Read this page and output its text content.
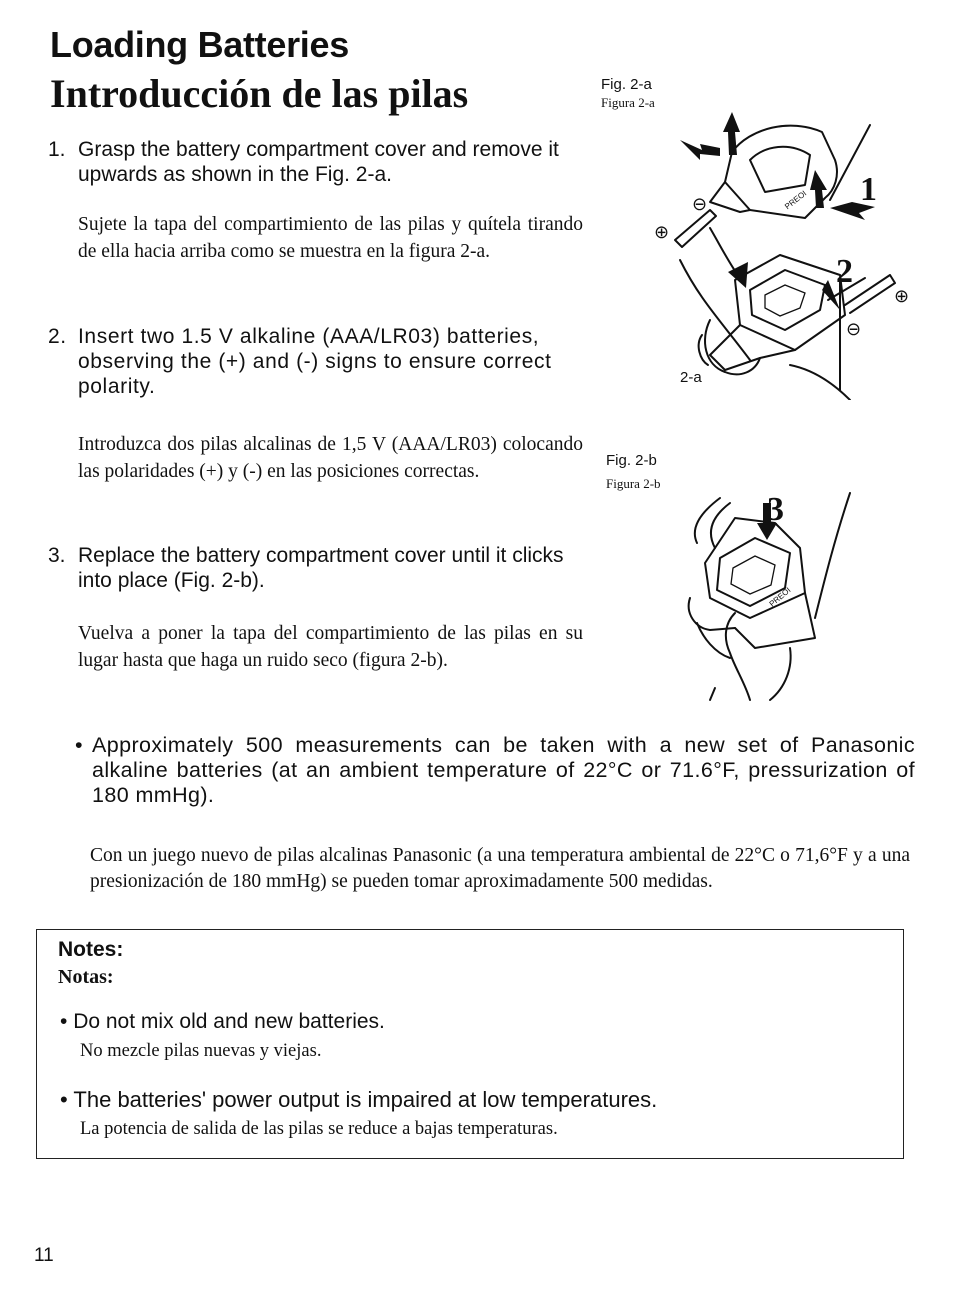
Loading Batteries
Introducción de las pilas
1. Grasp the battery compartment cover and remove it upwards as shown in the Fig. 2-a.
Sujete la tapa del compartimiento de las pilas y quítela tirando de ella hacia arriba como se muestra en la figura 2-a.
2. Insert two 1.5 V alkaline (AAA/LR03) batteries, observing the (+) and (-) signs to ensure correct polarity.
Introduzca dos pilas alcalinas de 1,5 V (AAA/LR03) colocando las polaridades (+) y (-) en las posiciones correctas.
3. Replace the battery compartment cover until it clicks into place (Fig. 2-b).
Vuelva a poner la tapa del compartimiento de las pilas en su lugar hasta que haga un ruido seco (figura 2-b).
Fig. 2-a
Figura 2-a
1
PREOI
⊕
⊖
2
⊕
⊖
2-a
Fig. 2-b
Figura 2-b
3
PREOI
• Approximately 500 measurements can be taken with a new set of Panasonic alkaline batteries (at an ambient temperature of 22°C or 71.6°F, pressurization of 180 mmHg).
Con un juego nuevo de pilas alcalinas Panasonic (a una temperatura ambiental de 22°C o 71,6°F y a una presionización de 180 mmHg) se pueden tomar aproximadamente 500 medidas.
Notes:
Notas:
• Do not mix old and new batteries.
No mezcle pilas nuevas y viejas.
• The batteries' power output is impaired at low temperatures.
La potencia de salida de las pilas se reduce a bajas temperaturas.
11
